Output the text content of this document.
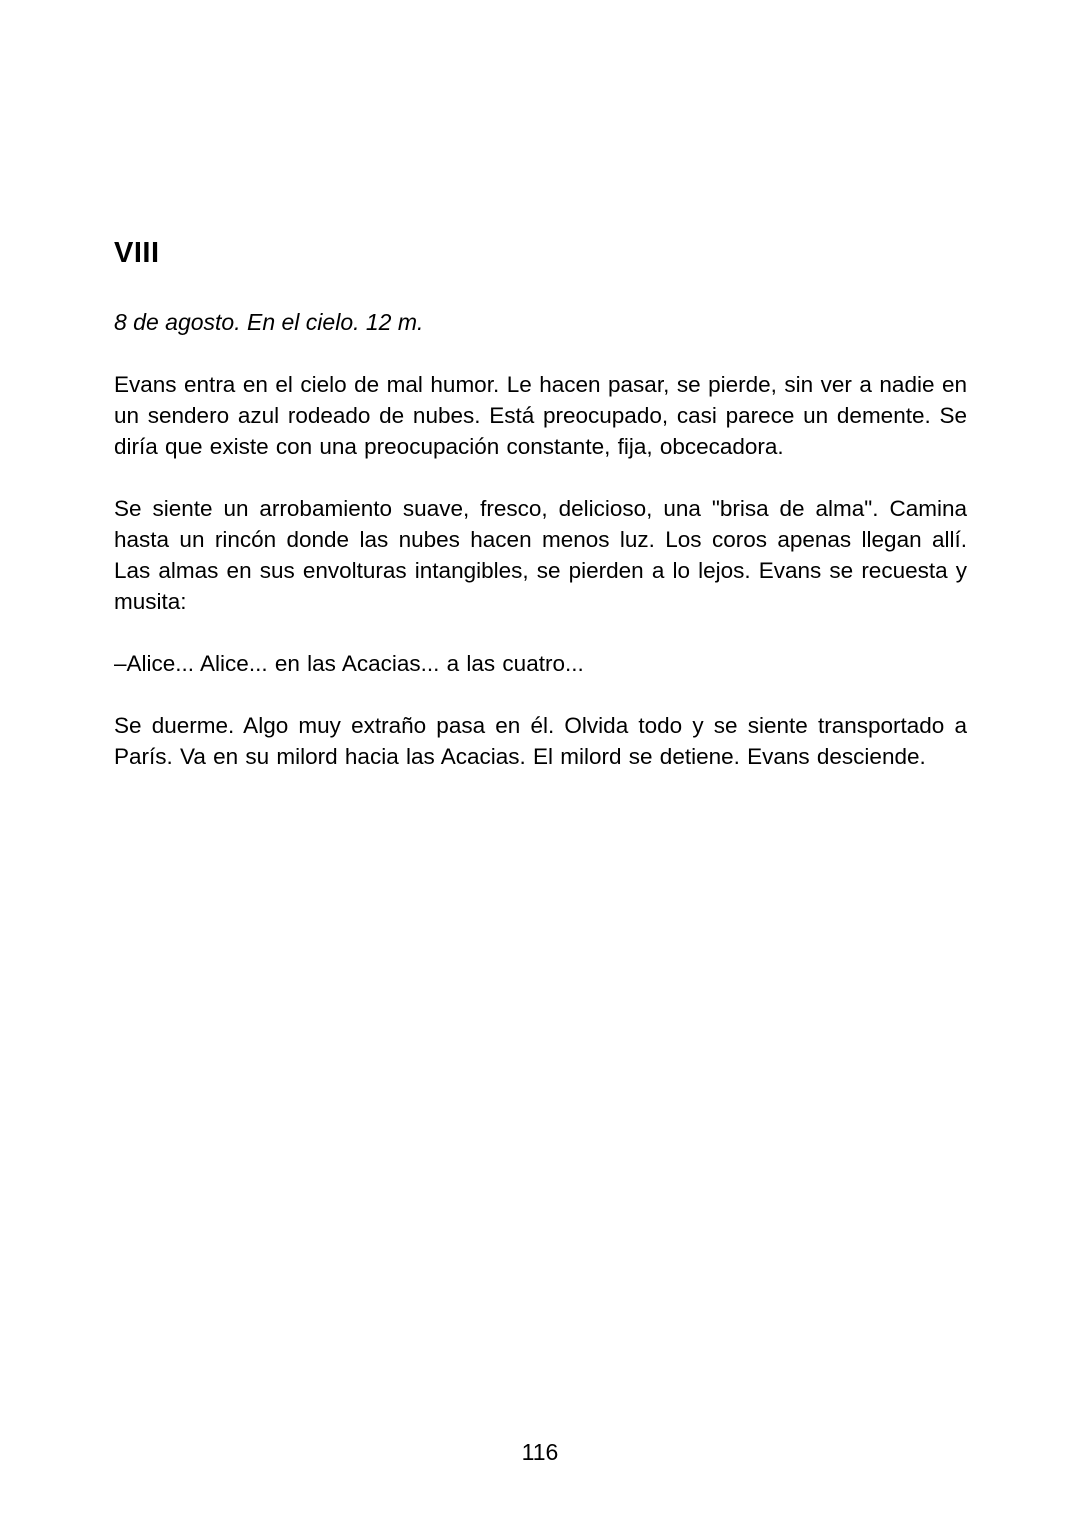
VIII
8 de agosto. En el cielo. 12 m.

Evans entra en el cielo de mal humor. Le hacen pasar, se pierde, sin ver a nadie en un sendero azul rodeado de nubes. Está preocupado, casi parece un demente. Se diría que existe con una preocupación constante, fija, obcecadora.

Se siente un arrobamiento suave, fresco, delicioso, una "brisa de alma". Camina hasta un rincón donde las nubes hacen menos luz. Los coros apenas llegan allí. Las almas en sus envolturas intangibles, se pierden a lo lejos. Evans se recuesta y musita:

–Alice... Alice... en las Acacias... a las cuatro...

Se duerme. Algo muy extraño pasa en él. Olvida todo y se siente transportado a París. Va en su milord hacia las Acacias. El milord se detiene. Evans desciende.

116
